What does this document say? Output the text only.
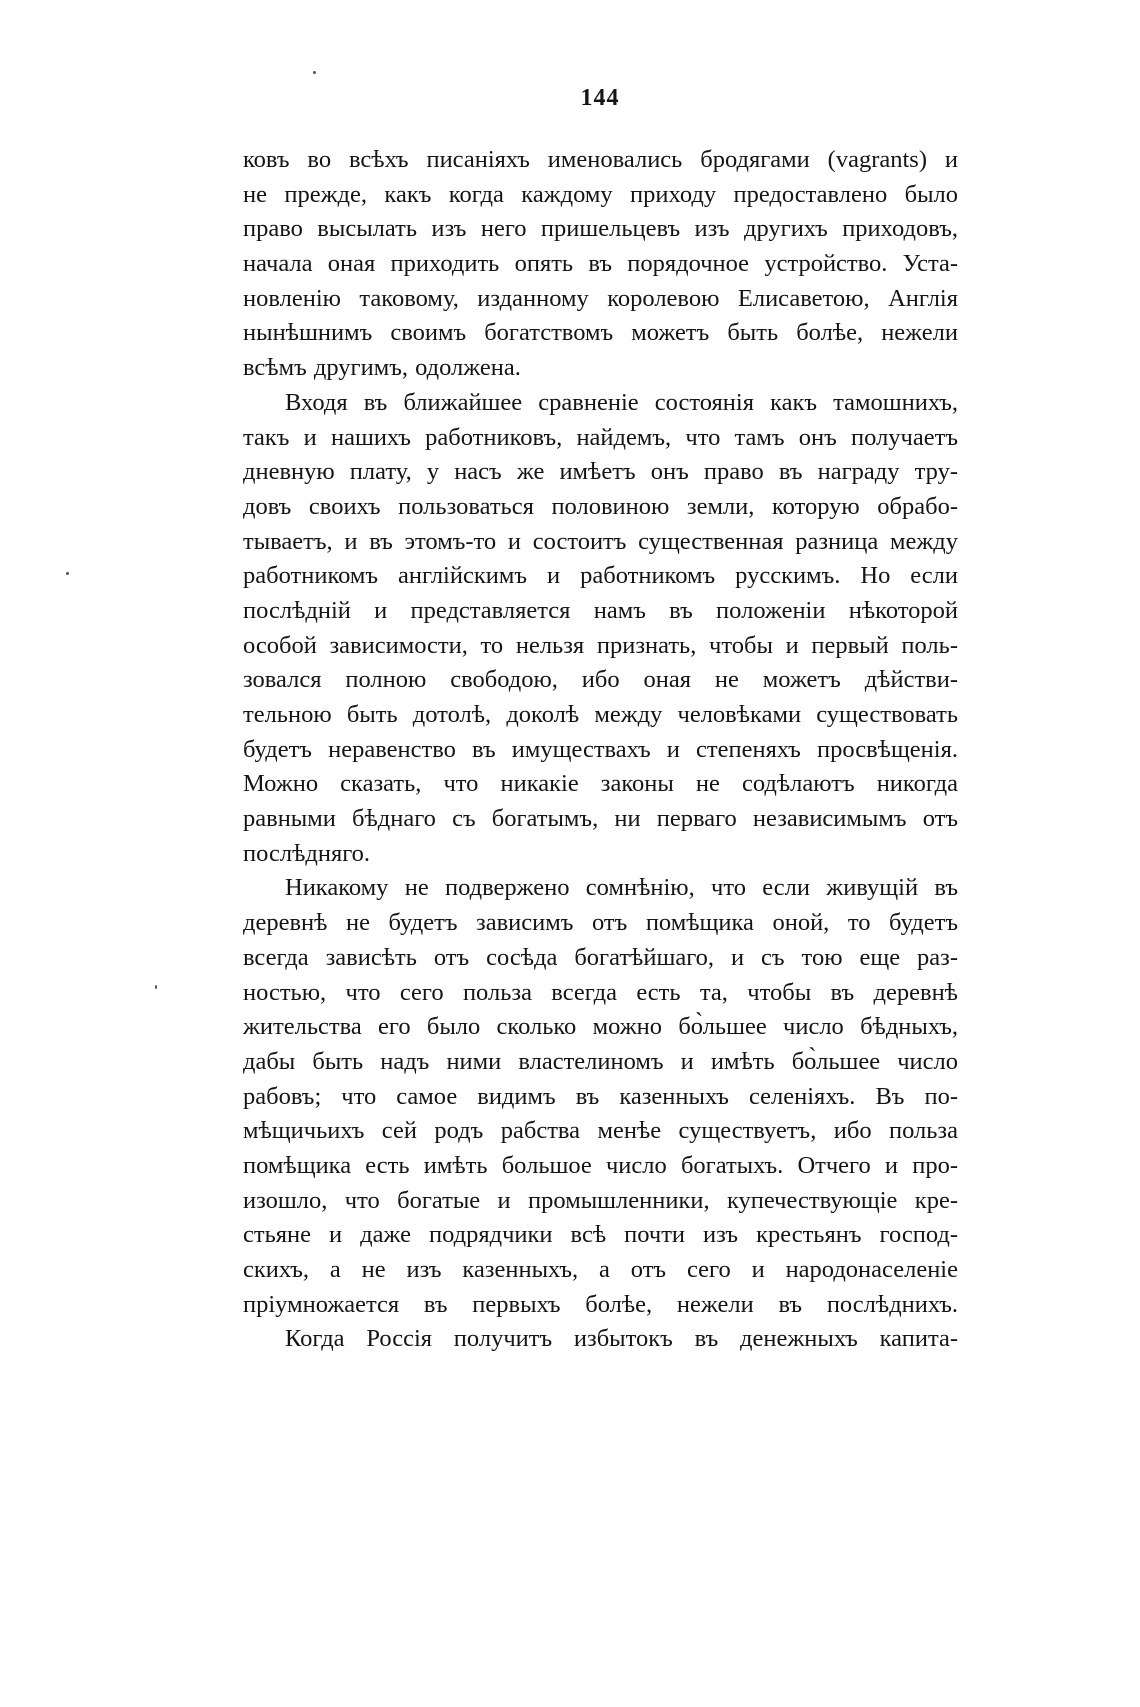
144
ковъ во всѣхъ писаніяхъ именовались бродягами (vagrants) и
не прежде, какъ когда каждому приходу предоставлено было
право высылать изъ него пришельцевъ изъ другихъ приходовъ,
начала оная приходить опять въ порядочное устройство. Уста-
новленію таковому, изданному королевою Елисаветою, Англія
нынѣшнимъ своимъ богатствомъ можетъ быть болѣе, нежели
всѣмъ другимъ, одолжена.
Входя въ ближайшее сравненіе состоянія какъ тамошнихъ,
такъ и нашихъ работниковъ, найдемъ, что тамъ онъ получаетъ
дневную плату, у насъ же имѣетъ онъ право въ награду тру-
довъ своихъ пользоваться половиною земли, которую обрабо-
тываетъ, и въ этомъ-то и состоитъ существенная разница между
работникомъ англійскимъ и работникомъ русскимъ. Но если
послѣдній и представляется намъ въ положеніи нѣкоторой
особой зависимости, то нельзя признать, чтобы и первый поль-
зовался полною свободою, ибо оная не можетъ дѣйстви-
тельною быть дотолѣ, доколѣ между человѣками существовать
будетъ неравенство въ имуществахъ и степеняхъ просвѣщенія.
Можно сказать, что никакіе законы не содѣлаютъ никогда
равными бѣднаго съ богатымъ, ни перваго независимымъ отъ
послѣдняго.
Никакому не подвержено сомнѣнію, что если живущій въ
деревнѣ не будетъ зависимъ отъ помѣщика оной, то будетъ
всегда зависѣть отъ сосѣда богатѣйшаго, и съ тою еще раз-
ностью, что сего польза всегда есть та, чтобы въ деревнѣ
жительства его было сколько можно бо̀льшее число бѣдныхъ,
дабы быть надъ ними властелиномъ и имѣть бо̀льшее число
рабовъ; что самое видимъ въ казенныхъ селеніяхъ. Въ по-
мѣщичьихъ сей родъ рабства менѣе существуетъ, ибо польза
помѣщика есть имѣть большое число богатыхъ. Отчего и про-
изошло, что богатые и промышленники, купечествующіе кре-
стьяне и даже подрядчики всѣ почти изъ крестьянъ господ-
скихъ, а не изъ казенныхъ, а отъ сего и народонаселеніе
пріумножается въ первыхъ болѣе, нежели въ послѣднихъ.
Когда Россія получитъ избытокъ въ денежныхъ капита-
